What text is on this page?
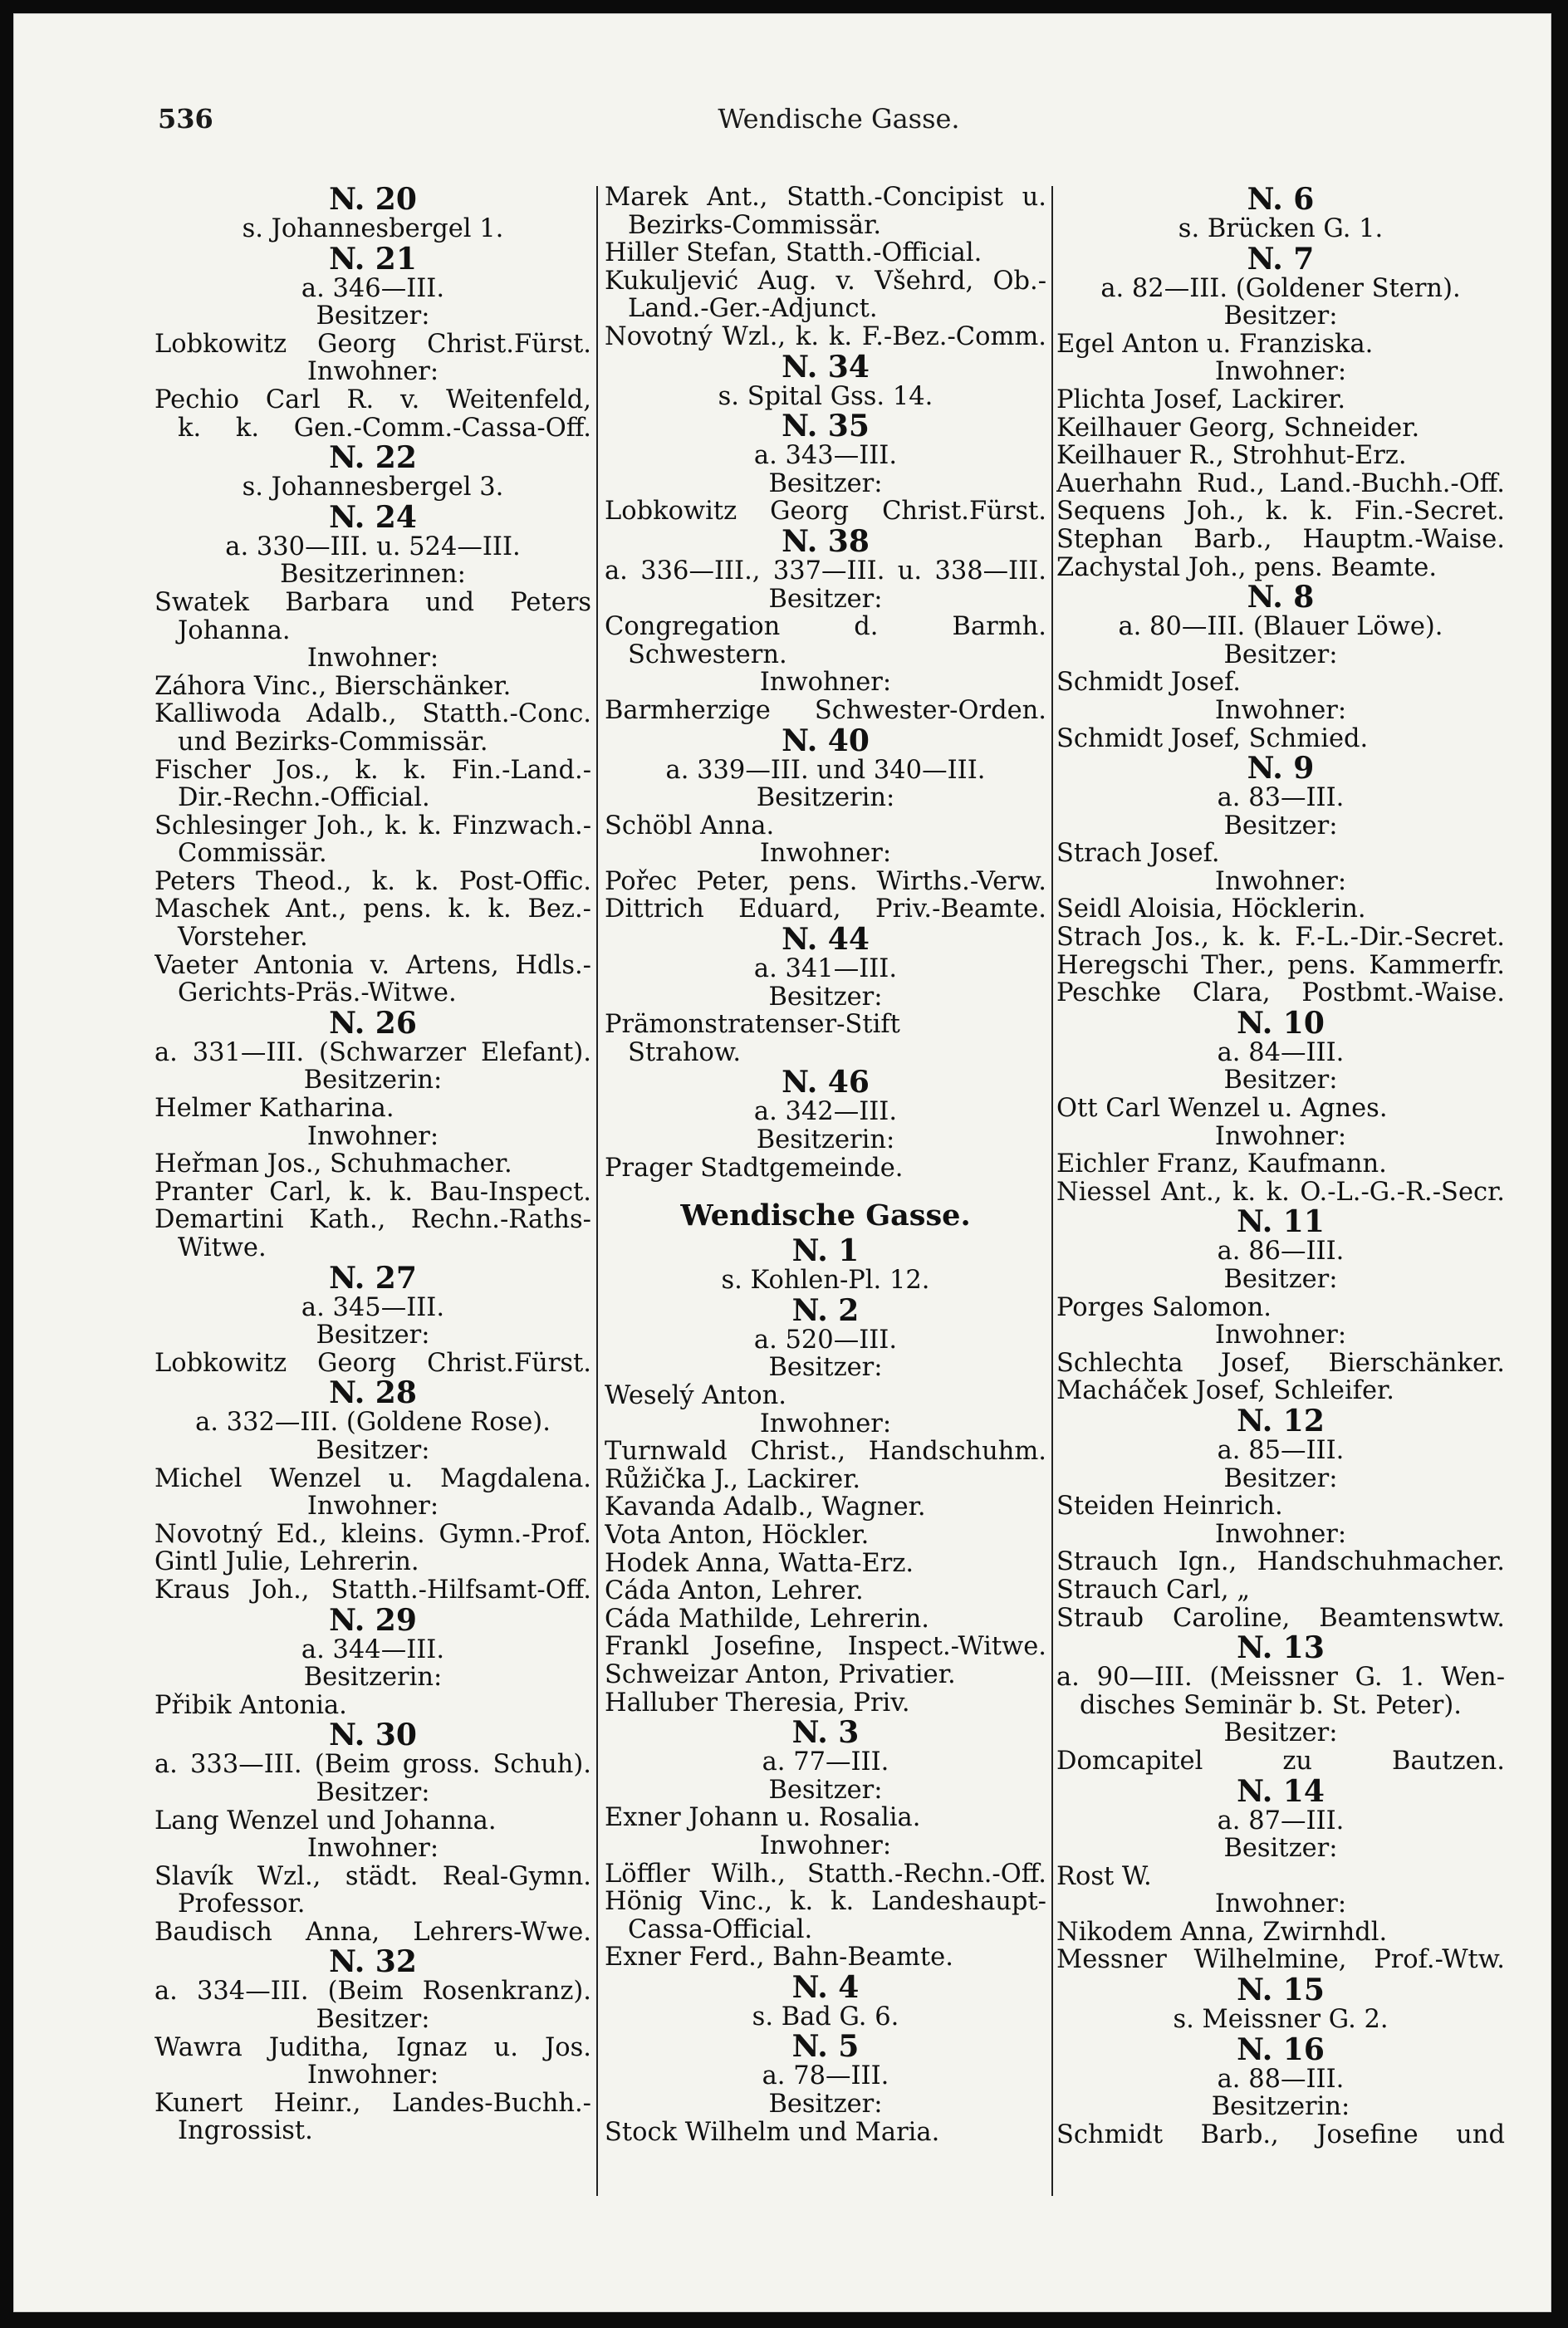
536	Wendische Gasse.
N. 20
s. Johannesbergel 1.
N. 21
a. 346—III.
Besitzer:
Lobkowitz Georg Christ.Fürst.
Inwohner:
Pechio Carl R. v. Weitenfeld,
k. k. Gen.-Comm.-Cassa-Off.
N. 22
s. Johannesbergel 3.
N. 24
a. 330—III. u. 524—III.
Besitzerinnen:
Swatek Barbara und Peters
Johanna.
Inwohner:
Záhora Vinc., Bierschänker.
Kalliwoda Adalb., Statth.-Conc.
und Bezirks-Commissär.
Fischer Jos., k. k. Fin.-Land.-
Dir.-Rechn.-Official.
Schlesinger Joh., k. k. Finzwach.-
Commissär.
Peters Theod., k. k. Post-Offic.
Maschek Ant., pens. k. k. Bez.-
Vorsteher.
Vaeter Antonia v. Artens, Hdls.-
Gerichts-Präs.-Witwe.
N. 26
a. 331—III. (Schwarzer Elefant).
Besitzerin:
Helmer Katharina.
Inwohner:
Heřman Jos., Schuhmacher.
Pranter Carl, k. k. Bau-Inspect.
Demartini Kath., Rechn.-Raths-
Witwe.
N. 27
a. 345—III.
Besitzer:
Lobkowitz Georg Christ.Fürst.
N. 28
a. 332—III. (Goldene Rose).
Besitzer:
Michel Wenzel u. Magdalena.
Inwohner:
Novotný Ed., kleins. Gymn.-Prof.
Gintl Julie, Lehrerin.
Kraus Joh., Statth.-Hilfsamt-Off.
N. 29
a. 344—III.
Besitzerin:
Přibik Antonia.
N. 30
a. 333—III. (Beim gross. Schuh).
Besitzer:
Lang Wenzel und Johanna.
Inwohner:
Slavík Wzl., städt. Real-Gymn.
Professor.
Baudisch Anna, Lehrers-Wwe.
N. 32
a. 334—III. (Beim Rosenkranz).
Besitzer:
Wawra Juditha, Ignaz u. Jos.
Inwohner:
Kunert Heinr., Landes-Buchh.-
Ingrossist.
Marek Ant., Statth.-Concipist u.
Bezirks-Commissär.
Hiller Stefan, Statth.-Official.
Kukuljević Aug. v. Všehrd, Ob.-
Land.-Ger.-Adjunct.
Novotný Wzl., k. k. F.-Bez.-Comm.
N. 34
s. Spital Gss. 14.
N. 35
a. 343—III.
Besitzer:
Lobkowitz Georg Christ.Fürst.
N. 38
a. 336—III., 337—III. u. 338—III.
Besitzer:
Congregation d. Barmh.
Schwestern.
Inwohner:
Barmherzige Schwester-Orden.
N. 40
a. 339—III. und 340—III.
Besitzerin:
Schöbl Anna.
Inwohner:
Pořec Peter, pens. Wirths.-Verw.
Dittrich Eduard, Priv.-Beamte.
N. 44
a. 341—III.
Besitzer:
Prämonstratenser-Stift
Strahow.
N. 46
a. 342—III.
Besitzerin:
Prager Stadtgemeinde.
Wendische Gasse.
N. 1
s. Kohlen-Pl. 12.
N. 2
a. 520—III.
Besitzer:
Weselý Anton.
Inwohner:
Turnwald Christ., Handschuhm.
Růžička J., Lackirer.
Kavanda Adalb., Wagner.
Vota Anton, Höckler.
Hodek Anna, Watta-Erz.
Cáda Anton, Lehrer.
Cáda Mathilde, Lehrerin.
Frankl Josefine, Inspect.-Witwe.
Schweizar Anton, Privatier.
Halluber Theresia, Priv.
N. 3
a. 77—III.
Besitzer:
Exner Johann u. Rosalia.
Inwohner:
Löffler Wilh., Statth.-Rechn.-Off.
Hönig Vinc., k. k. Landeshaupt-
Cassa-Official.
Exner Ferd., Bahn-Beamte.
N. 4
s. Bad G. 6.
N. 5
a. 78—III.
Besitzer:
Stock Wilhelm und Maria.
N. 6
s. Brücken G. 1.
N. 7
a. 82—III. (Goldener Stern).
Besitzer:
Egel Anton u. Franziska.
Inwohner:
Plichta Josef, Lackirer.
Keilhauer Georg, Schneider.
Keilhauer R., Strohhut-Erz.
Auerhahn Rud., Land.-Buchh.-Off.
Sequens Joh., k. k. Fin.-Secret.
Stephan Barb., Hauptm.-Waise.
Zachystal Joh., pens. Beamte.
N. 8
a. 80—III. (Blauer Löwe).
Besitzer:
Schmidt Josef.
Inwohner:
Schmidt Josef, Schmied.
N. 9
a. 83—III.
Besitzer:
Strach Josef.
Inwohner:
Seidl Aloisia, Höcklerin.
Strach Jos., k. k. F.-L.-Dir.-Secret.
Heregschi Ther., pens. Kammerfr.
Peschke Clara, Postbmt.-Waise.
N. 10
a. 84—III.
Besitzer:
Ott Carl Wenzel u. Agnes.
Inwohner:
Eichler Franz, Kaufmann.
Niessel Ant., k. k. O.-L.-G.-R.-Secr.
N. 11
a. 86—III.
Besitzer:
Porges Salomon.
Inwohner:
Schlechta Josef, Bierschänker.
Macháček Josef, Schleifer.
N. 12
a. 85—III.
Besitzer:
Steiden Heinrich.
Inwohner:
Strauch Ign., Handschuhmacher.
Strauch Carl, „
Straub Caroline, Beamtenswtw.
N. 13
a. 90—III. (Meissner G. 1. Wen-
disches Seminär b. St. Peter).
Besitzer:
Domcapitel zu Bautzen.
N. 14
a. 87—III.
Besitzer:
Rost W.
Inwohner:
Nikodem Anna, Zwirnhdl.
Messner Wilhelmine, Prof.-Wtw.
N. 15
s. Meissner G. 2.
N. 16
a. 88—III.
Besitzerin:
Schmidt Barb., Josefine und
